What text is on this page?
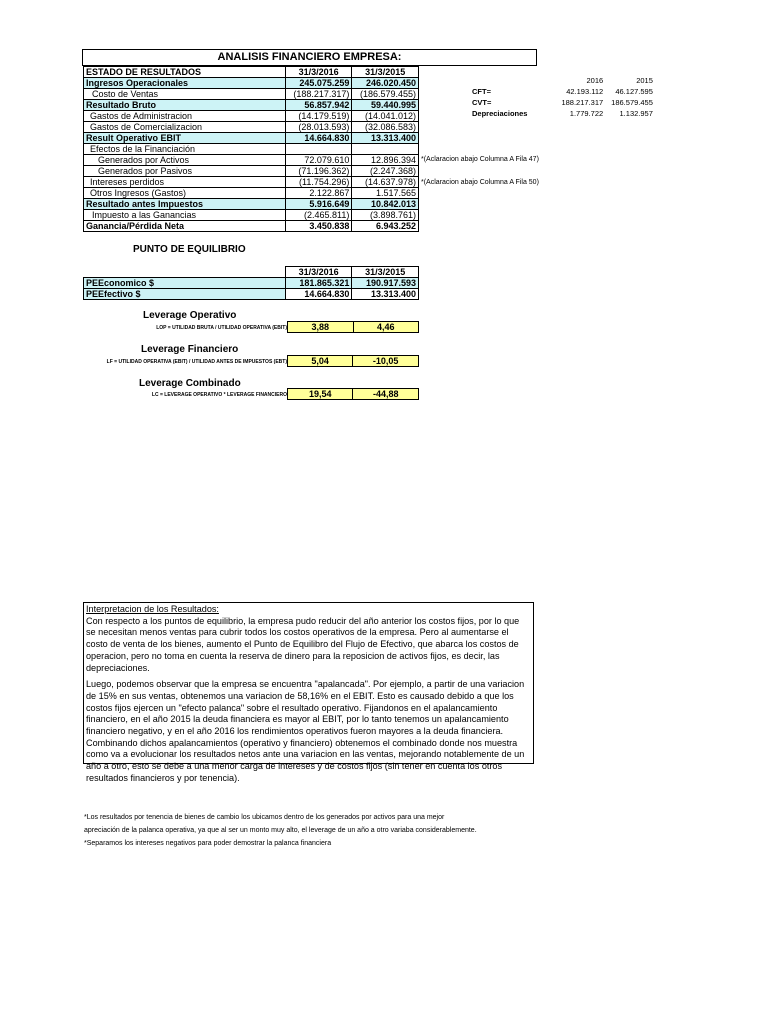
ANALISIS FINANCIERO EMPRESA:
ESTADO DE RESULTADOS	31/3/2016	31/3/2015
Ingresos Operacionales	245.075.259	246.020.450
Costo de Ventas	(188.217.317)	(186.579.455)
Resultado Bruto	56.857.942	59.440.995
Gastos de Administracion	(14.179.519)	(14.041.012)
Gastos de Comercializacion	(28.013.593)	(32.086.583)
Result Operativo EBIT	14.664.830	13.313.400
Efectos de la Financiación		
Generados por Activos	72.079.610	12.896.394
Generados por Pasivos	(71.196.362)	(2.247.368)
Intereses perdidos	(11.754.296)	(14.637.978)
Otros Ingresos (Gastos)	2.122.867	1.517.565
Resultado antes Impuestos	5.916.649	10.842.013
Impuesto a las Ganancias	(2.465.811)	(3.898.761)
Ganancia/Pérdida Neta	3.450.838	6.943.252
*(Aclaracion abajo Columna A Fila 47)
*(Aclaracion abajo Columna A Fila 50)
	2016	2015
CFT=	42.193.112	46.127.595
CVT=	188.217.317	186.579.455
Depreciaciones	1.779.722	1.132.957
PUNTO DE EQUILIBRIO
	31/3/2016	31/3/2015
PEEconomico $	181.865.321	190.917.593
PEEfectivo $	14.664.830	13.313.400
Leverage Operativo
LOP = UTILIDAD BRUTA / UTILIDAD OPERATIVA (EBIT)	3,88	4,46
Leverage Financiero
LF = UTILIDAD OPERATIVA (EBIT) / UTILIDAD ANTES DE IMPUESTOS (EBT)	5,04	-10,05
Leverage Combinado
LC = LEVERAGE OPERATIVO * LEVERAGE FINANCIERO 19,54	-44,88
Interpretacion de los Resultados:

Con respecto a los puntos de equilibrio, la empresa pudo reducir del año anterior los costos fijos, por lo que se necesitan menos ventas para cubrir todos los costos operativos de la empresa. Pero al aumentarse el costo de venta de los bienes, aumento el Punto de Equilibro del Flujo de Efectivo, que abarca los costos de operacion, pero no toma en cuenta la reserva de dinero para la reposicion de activos fijos, es decir, las depreciaciones.

Luego, podemos observar que la empresa se encuentra "apalancada". Por ejemplo, a partir de una variacion de 15% en sus ventas, obtenemos una variacion de 58,16% en el EBIT. Esto es causado debido a que los costos fijos ejercen un "efecto palanca" sobre el resultado operativo. Fijandonos en el apalancamiento financiero, en el año 2015 la deuda financiera es mayor al EBIT, por lo tanto tenemos un apalancamiento financiero negativo, y en el año 2016 los rendimientos operativos fueron mayores a la deuda financiera. Combinando dichos apalancamientos (operativo y financiero) obtenemos el combinado donde nos muestra como va a evolucionar los resultados netos ante una variacion en las ventas, mejorando notablemente de un año a otro, esto se debe a una menor carga de intereses y de costos fijos (sin tener en cuenta los otros resultados financieros y por tenencia).

*Los resultados por tenencia de bienes de cambio los ubicamos dentro de los generados por activos para una mejor
apreciación de la palanca operativa, ya que al ser un monto muy alto, el leverage de un año a otro variaba considerablemente.
*Separamos los intereses negativos para poder demostrar la palanca financiera
